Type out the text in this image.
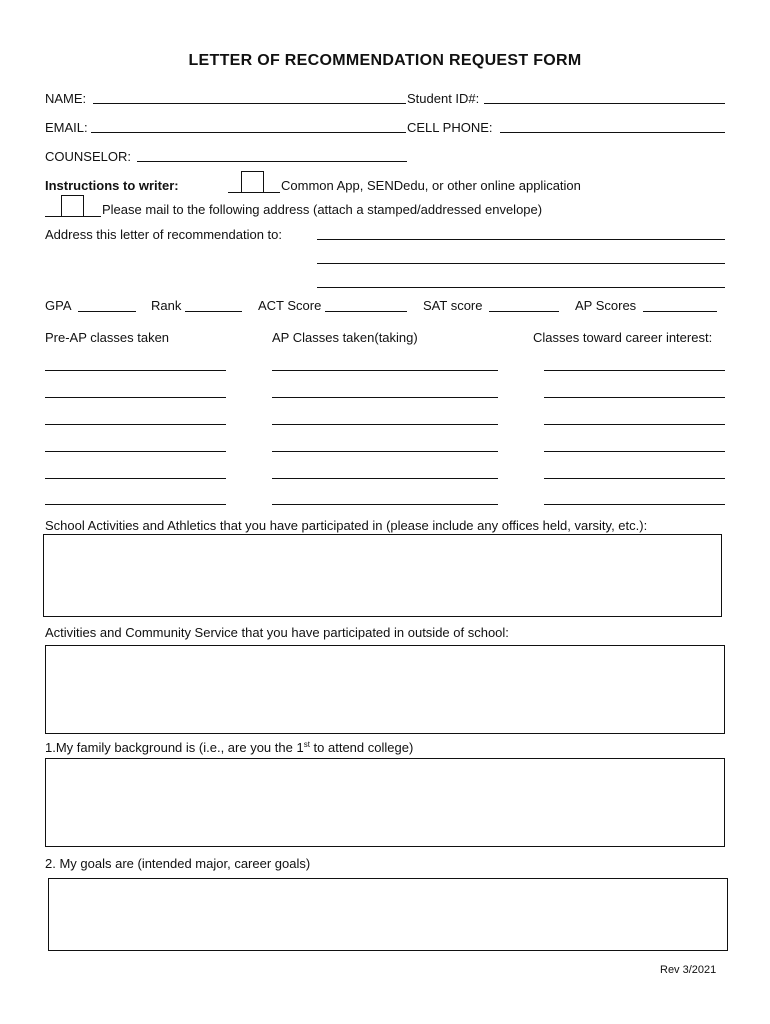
LETTER OF RECOMMENDATION REQUEST FORM
NAME:	Student ID#:
EMAIL:	CELL PHONE:
COUNSELOR:
Instructions to writer:	Common App, SENDedu, or other online application
Please mail to the following address (attach a stamped/addressed envelope)
Address this letter of recommendation to:
GPA	Rank	ACT Score	SAT score	AP Scores
Pre-AP classes taken	AP Classes taken(taking)	Classes toward career interest:
School Activities and Athletics that you have participated in (please include any offices held, varsity, etc.):
Activities and Community Service that you have participated in outside of school:
1.My family background is (i.e., are you the 1st to attend college)
2. My goals are (intended major, career goals)
Rev 3/2021
